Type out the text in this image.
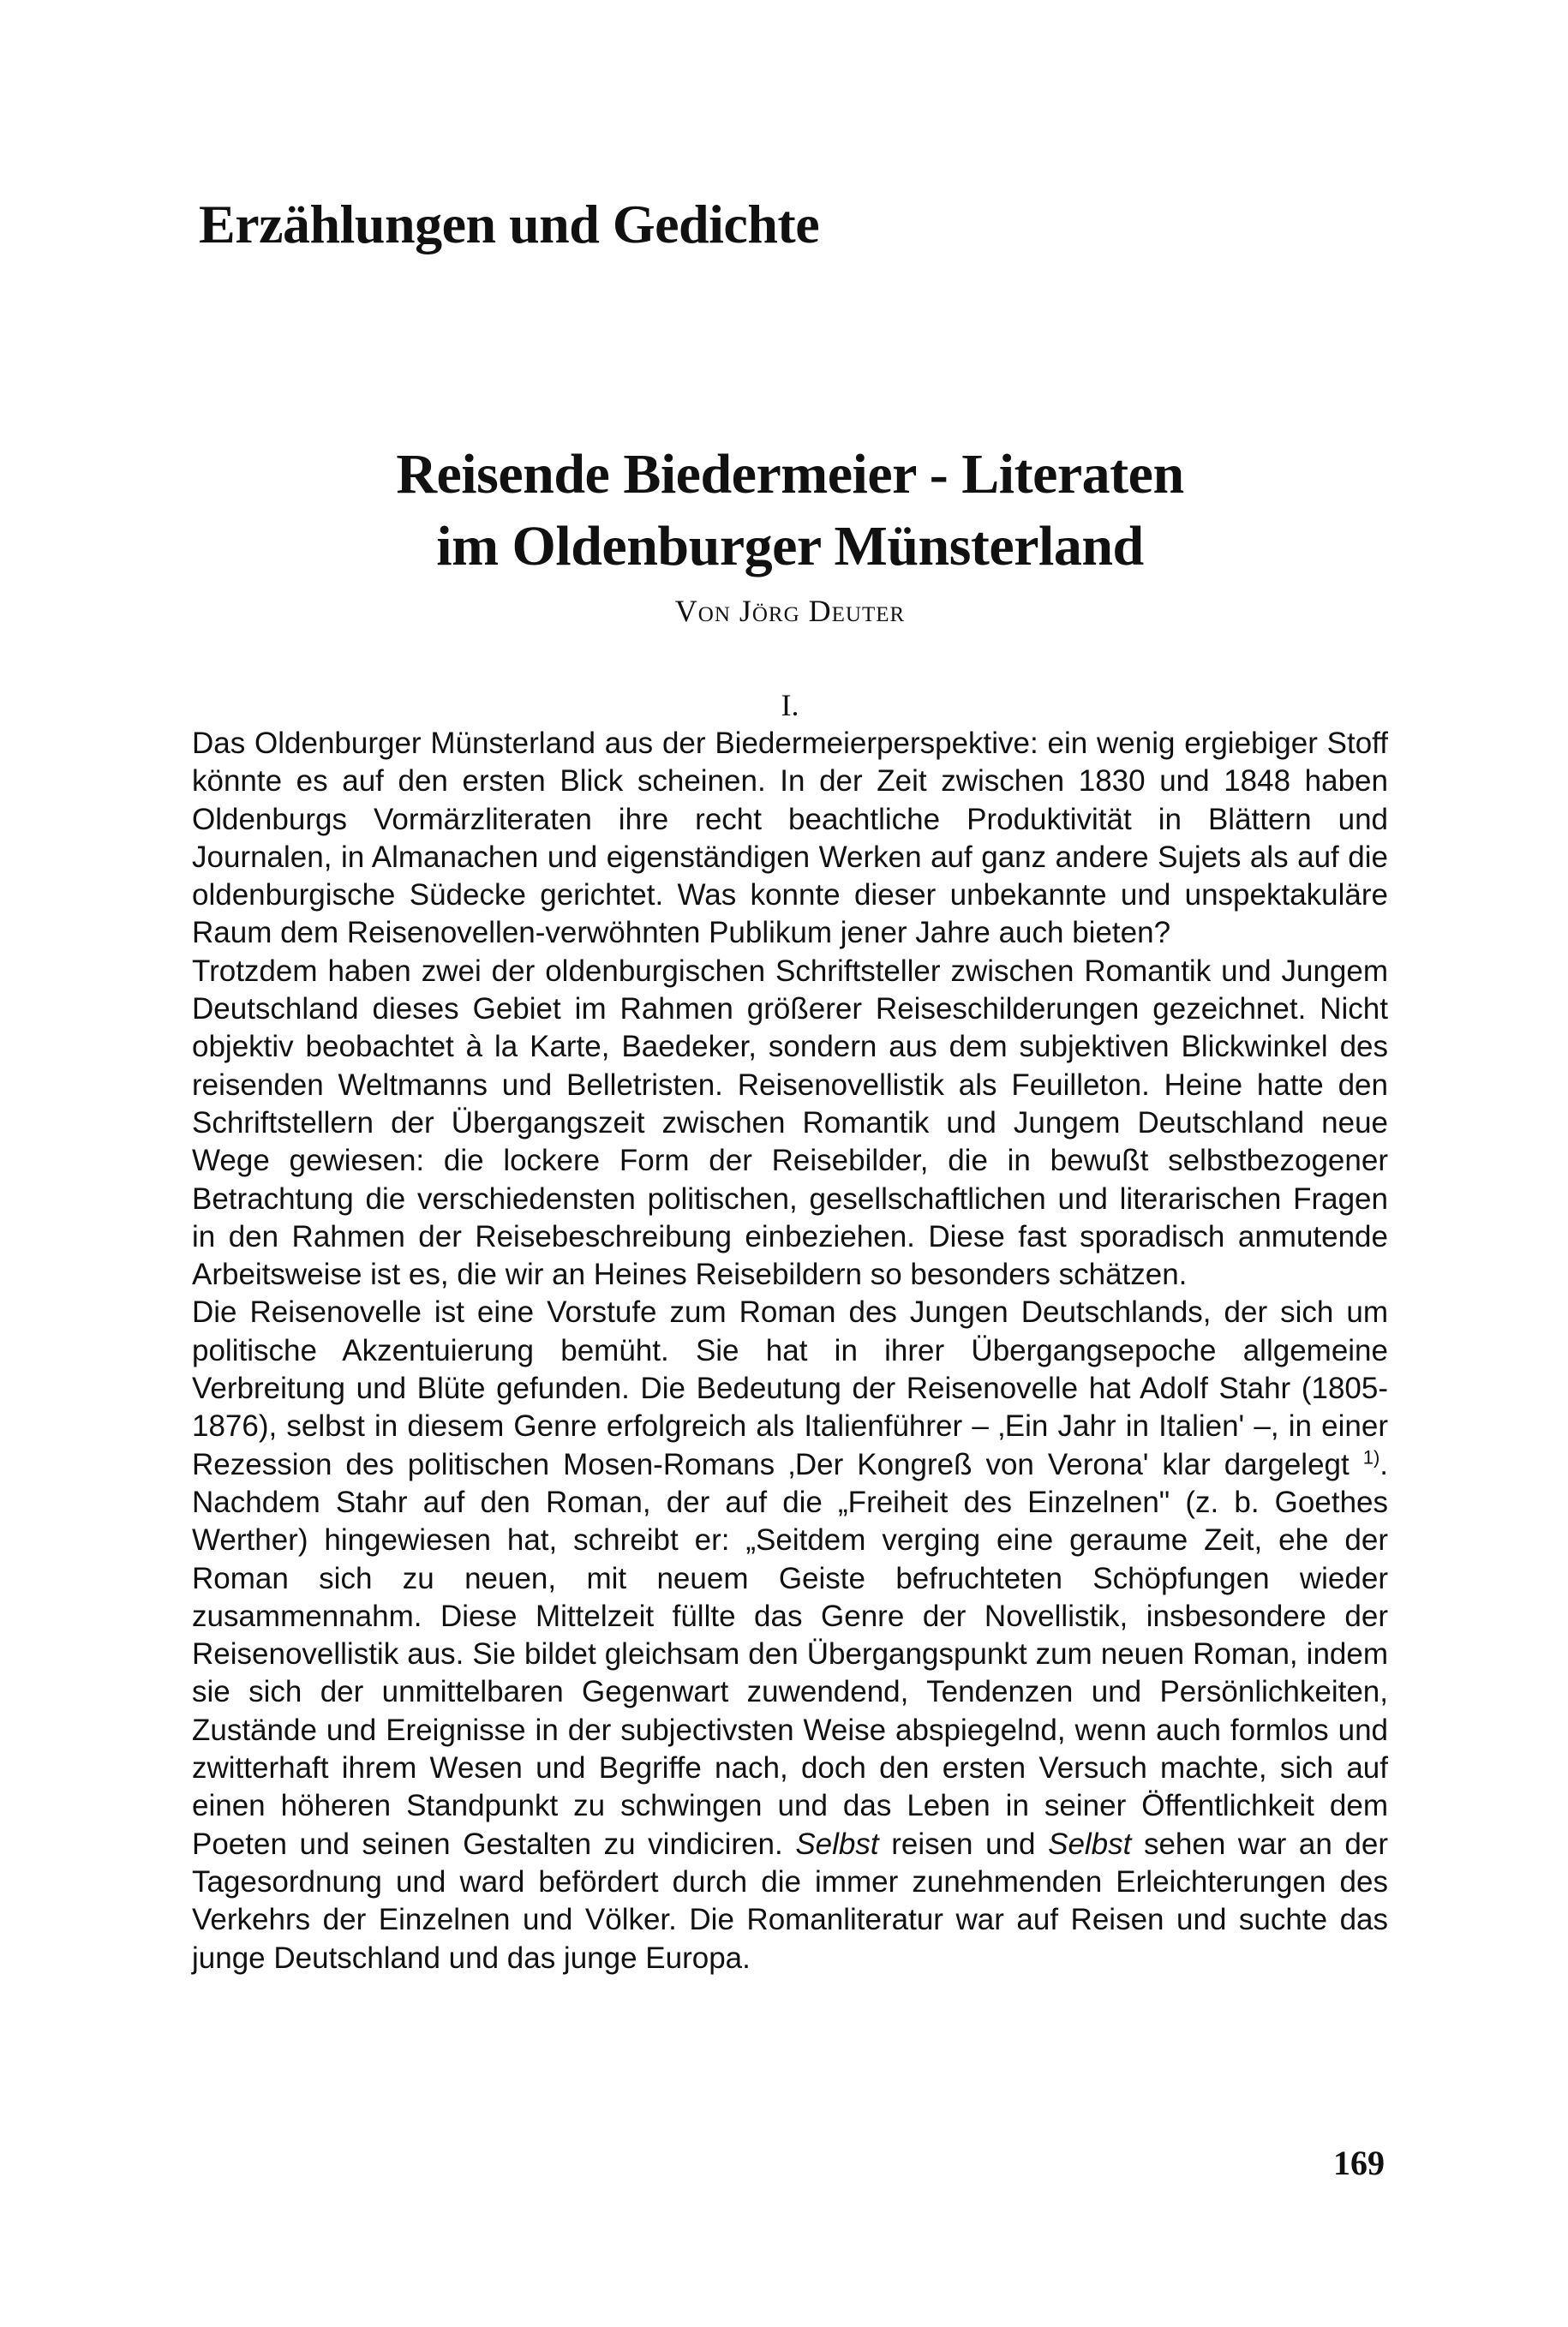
Erzählungen und Gedichte
Reisende Biedermeier - Literaten
im Oldenburger Münsterland
Von Jörg Deuter
I.

Das Oldenburger Münsterland aus der Biedermeierperspektive: ein wenig ergiebiger Stoff könnte es auf den ersten Blick scheinen. In der Zeit zwischen 1830 und 1848 haben Oldenburgs Vormärzliteraten ihre recht beachtliche Produktivität in Blättern und Journalen, in Almanachen und eigenständigen Werken auf ganz andere Sujets als auf die oldenburgische Südecke gerichtet. Was konnte dieser unbekannte und unspektakuläre Raum dem Reisenovellen-verwöhnten Publikum jener Jahre auch bieten?

Trotzdem haben zwei der oldenburgischen Schriftsteller zwischen Romantik und Jungem Deutschland dieses Gebiet im Rahmen größerer Reiseschilderungen gezeichnet. Nicht objektiv beobachtet à la Karte, Baedeker, sondern aus dem subjektiven Blickwinkel des reisenden Weltmanns und Belletristen. Reisenovellistik als Feuilleton. Heine hatte den Schriftstellern der Übergangszeit zwischen Romantik und Jungem Deutschland neue Wege gewiesen: die lockere Form der Reisebilder, die in bewußt selbstbezogener Betrachtung die verschiedensten politischen, gesellschaftlichen und literarischen Fragen in den Rahmen der Reisebeschreibung einbeziehen. Diese fast sporadisch anmutende Arbeitsweise ist es, die wir an Heines Reisebildern so besonders schätzen.

Die Reisenovelle ist eine Vorstufe zum Roman des Jungen Deutschlands, der sich um politische Akzentuierung bemüht. Sie hat in ihrer Übergangsepoche allgemeine Verbreitung und Blüte gefunden. Die Bedeutung der Reisenovelle hat Adolf Stahr (1805-1876), selbst in diesem Genre erfolgreich als Italienführer – ‚Ein Jahr in Italien' –, in einer Rezession des politischen Mosen-Romans ‚Der Kongreß von Verona' klar dargelegt $^{1)}$. Nachdem Stahr auf den Roman, der auf die „Freiheit des Einzelnen" (z. b. Goethes Werther) hingewiesen hat, schreibt er: „Seitdem verging eine geraume Zeit, ehe der Roman sich zu neuen, mit neuem Geiste befruchteten Schöpfungen wieder zusammennahm. Diese Mittelzeit füllte das Genre der Novellistik, insbesondere der Reisenovellistik aus. Sie bildet gleichsam den Übergangspunkt zum neuen Roman, indem sie sich der unmittelbaren Gegenwart zuwendend, Tendenzen und Persönlichkeiten, Zustände und Ereignisse in der subjectivsten Weise abspiegelnd, wenn auch formlos und zwitterhaft ihrem Wesen und Begriffe nach, doch den ersten Versuch machte, sich auf einen höheren Standpunkt zu schwingen und das Leben in seiner Öffentlichkeit dem Poeten und seinen Gestalten zu vindiciren. Selbst reisen und Selbst sehen war an der Tagesordnung und ward befördert durch die immer zunehmenden Erleichterungen des Verkehrs der Einzelnen und Völker. Die Romanliteratur war auf Reisen und suchte das junge Deutschland und das junge Europa.

169
